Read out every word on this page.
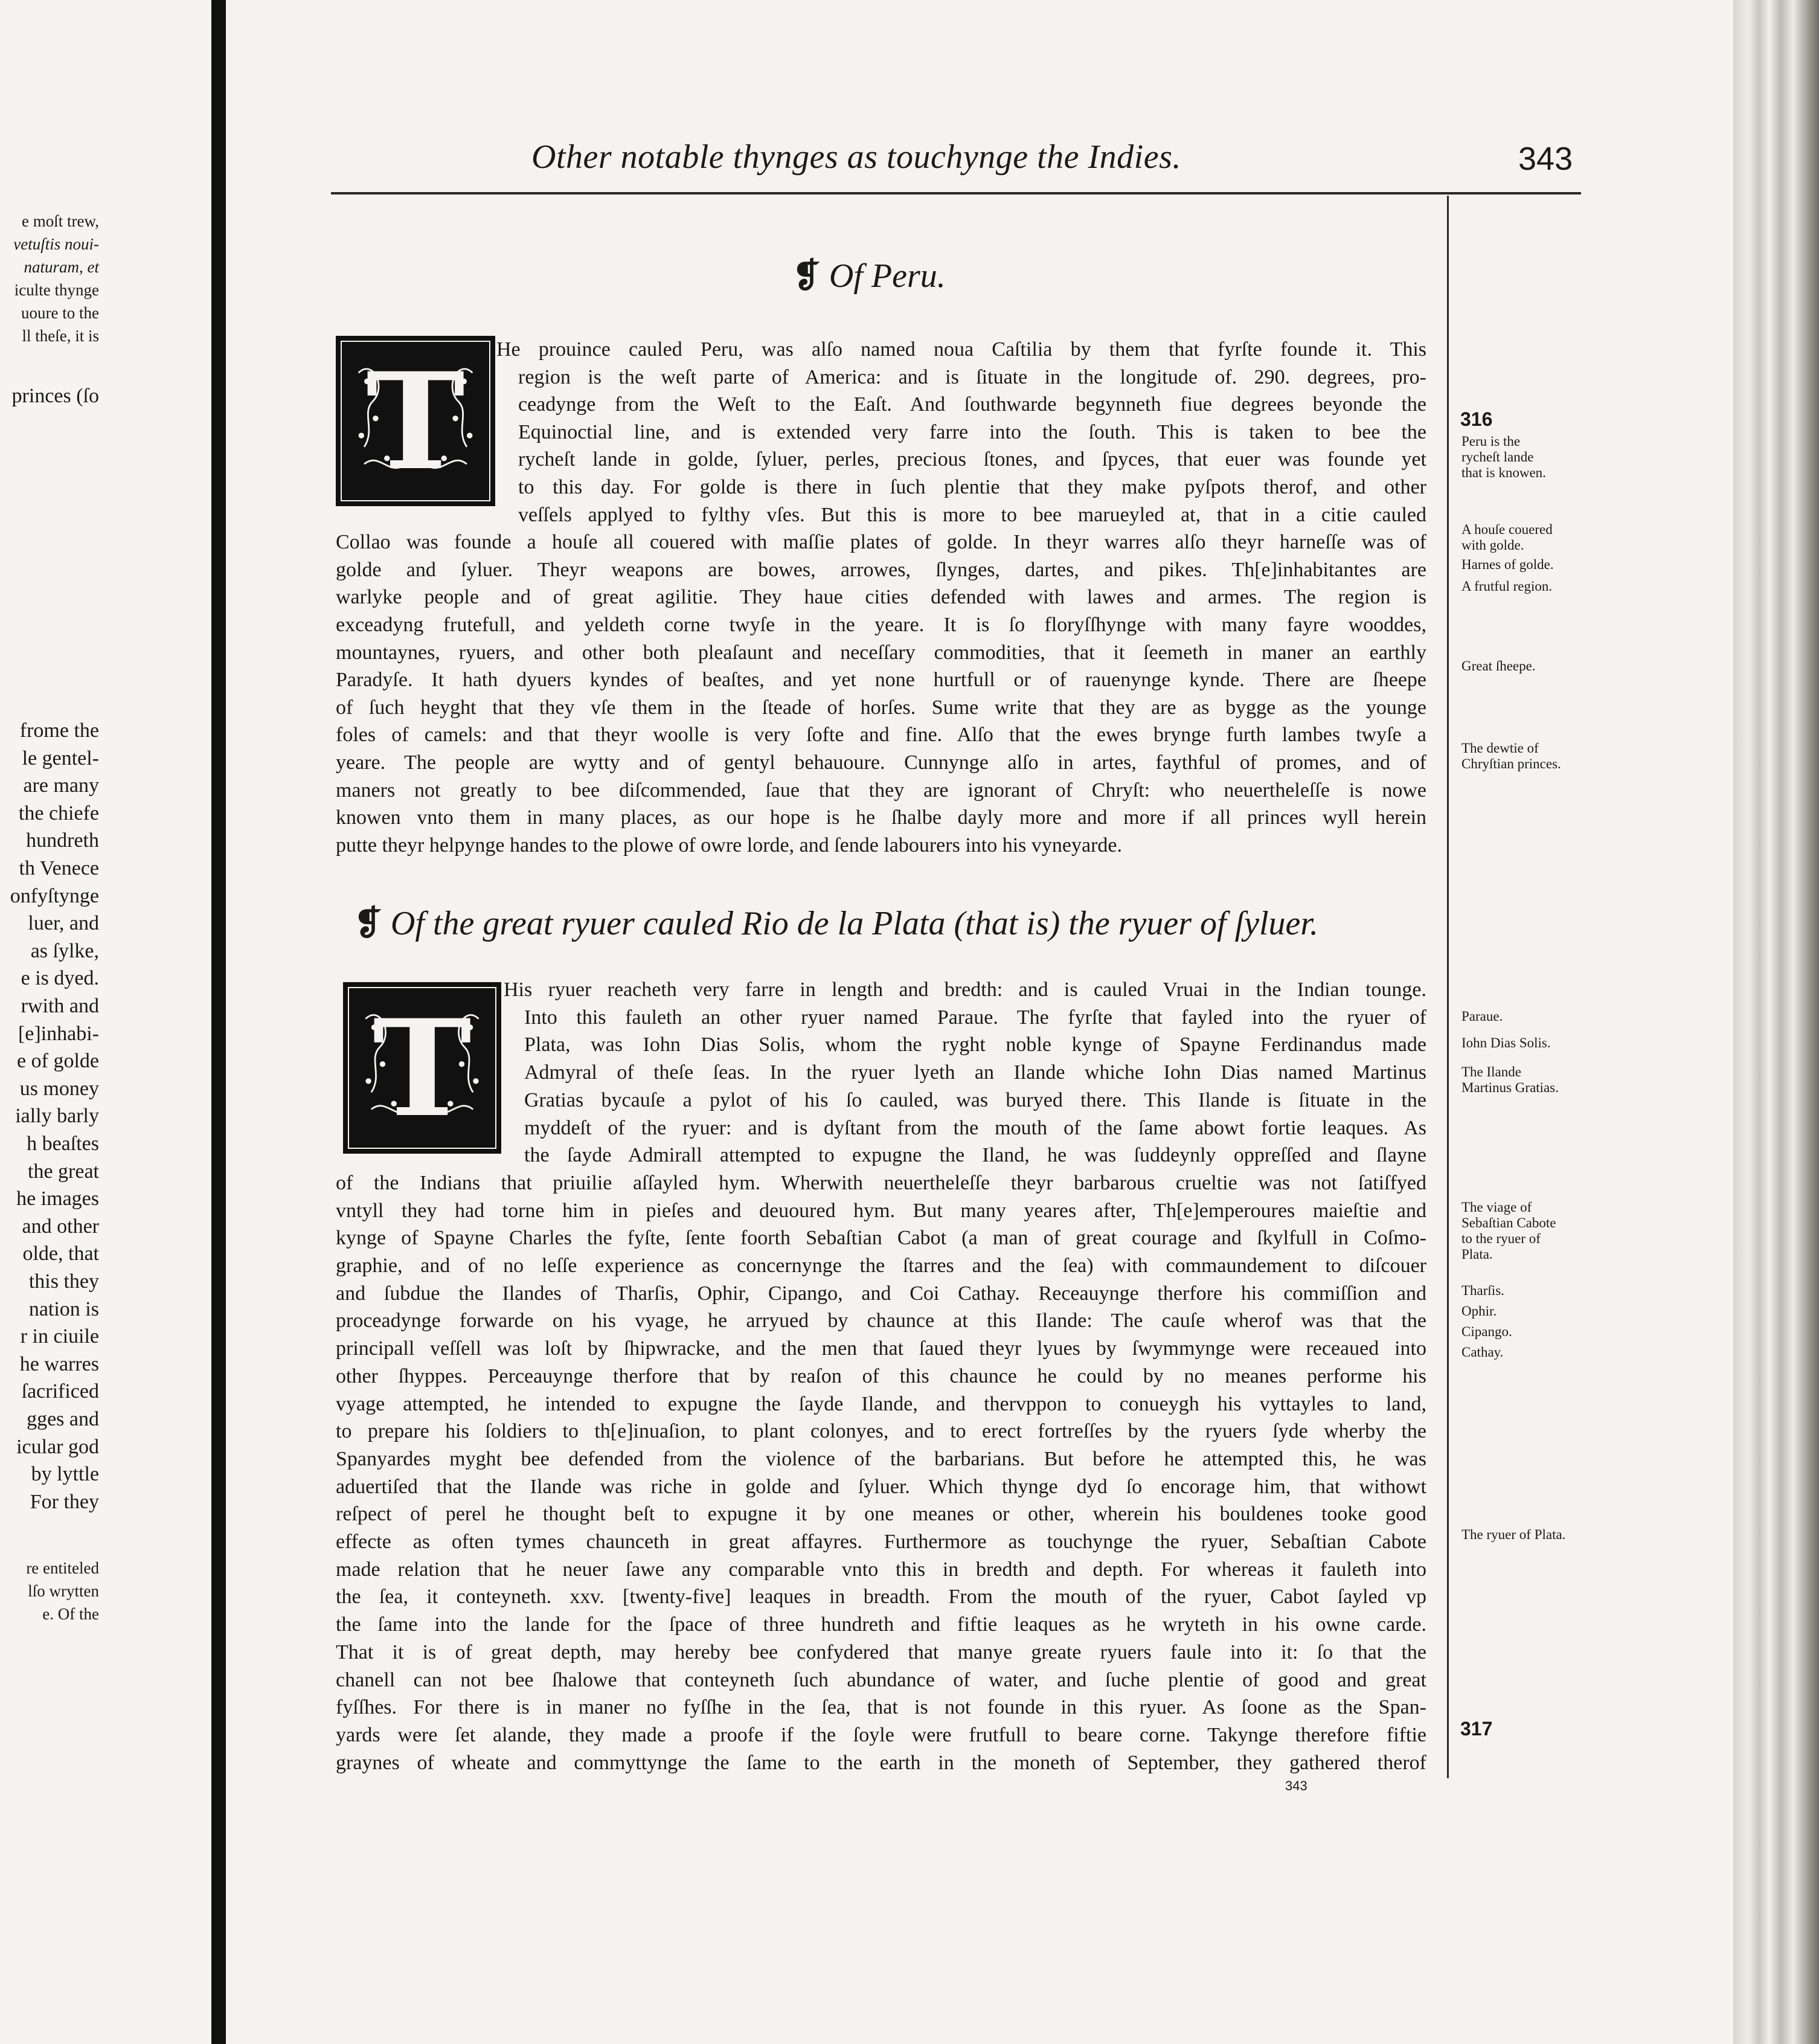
e moſt trew,
vetuſtis noui-
naturam, et
iculte thynge
uoure to the
ll theſe, it is
princes (ſo
re entiteled
lſo wrytten
e. Of the
frome the
le gentel-
are many
the chiefe
hundreth
th Venece
onfyſtynge
luer, and
as ſylke,
e is dyed.
rwith and
[e]inhabi-
e of golde
us money
ially barly
h beaſtes
the great
he images
and other
olde, that
this they
nation is
r in ciuile
he warres
ſacrificed
gges and
icular god
by lyttle
For they
Other notable thynges as touchynge the Indies.	343
❡ Of Peru.
T He prouince cauled Peru, was alſo named noua Caſtilia by them that fyrſte founde it. This
region is the weſt parte of America: and is ſituate in the longitude of. 290. degrees, pro-
ceadynge from the Weſt to the Eaſt. And ſouthwarde begynneth fiue degrees beyonde the
Equinoctial line, and is extended very farre into the ſouth. This is taken to bee the
rycheſt lande in golde, ſyluer, perles, precious ſtones, and ſpyces, that euer was founde yet
to this day. For golde is there in ſuch plentie that they make pyſpots therof, and other
veſſels applyed to fylthy vſes. But this is more to bee marueyled at, that in a citie cauled
Collao was founde a houſe all couered with maſſie plates of golde. In theyr warres alſo theyr harneſſe was of
golde and ſyluer. Theyr weapons are bowes, arrowes, ſlynges, dartes, and pikes. Th[e]inhabitantes are
warlyke people and of great agilitie. They haue cities defended with lawes and armes. The region is
exceadyng frutefull, and yeldeth corne twyſe in the yeare. It is ſo floryſſhynge with many fayre wooddes,
mountaynes, ryuers, and other both pleaſaunt and neceſſary commodities, that it ſeemeth in maner an earthly
Paradyſe. It hath dyuers kyndes of beaſtes, and yet none hurtfull or of rauenynge kynde. There are ſheepe
of ſuch heyght that they vſe them in the ſteade of horſes. Sume write that they are as bygge as the younge
foles of camels: and that theyr woolle is very ſofte and fine. Alſo that the ewes brynge furth lambes twyſe a
yeare. The people are wytty and of gentyl behauoure. Cunnynge alſo in artes, faythful of promes, and of
maners not greatly to bee diſcommended, ſaue that they are ignorant of Chryſt: who neuertheleſſe is nowe
knowen vnto them in many places, as our hope is he ſhalbe dayly more and more if all princes wyll herein
putte theyr helpynge handes to the plowe of owre lorde, and ſende labourers into his vyneyarde.
❡ Of the great ryuer cauled Rio de la Plata (that is) the ryuer of ſyluer.
T His ryuer reacheth very farre in length and bredth: and is cauled Vruai in the Indian tounge.
Into this fauleth an other ryuer named Paraue. The fyrſte that fayled into the ryuer of
Plata, was Iohn Dias Solis, whom the ryght noble kynge of Spayne Ferdinandus made
Admyral of theſe ſeas. In the ryuer lyeth an Ilande whiche Iohn Dias named Martinus
Gratias bycauſe a pylot of his ſo cauled, was buryed there. This Ilande is ſituate in the
myddeſt of the ryuer: and is dyſtant from the mouth of the ſame abowt fortie leaques. As
the ſayde Admirall attempted to expugne the Iland, he was ſuddeynly oppreſſed and ſlayne
of the Indians that priuilie aſſayled hym. Wherwith neuertheleſſe theyr barbarous crueltie was not ſatiſfyed
vntyll they had torne him in pieſes and deuoured hym. But many yeares after, Th[e]emperoures maieſtie and
kynge of Spayne Charles the fyſte, ſente foorth Sebaſtian Cabot (a man of great courage and ſkylfull in Coſmo-
graphie, and of no leſſe experience as concernynge the ſtarres and the ſea) with commaundement to diſcouer
and ſubdue the Ilandes of Tharſis, Ophir, Cipango, and Coi Cathay. Receauynge therfore his commiſſion and
proceadynge forwarde on his vyage, he arryued by chaunce at this Ilande: The cauſe wherof was that the
principall veſſell was loſt by ſhipwracke, and the men that ſaued theyr lyues by ſwymmynge were receaued into
other ſhyppes. Perceauynge therfore that by reaſon of this chaunce he could by no meanes performe his
vyage attempted, he intended to expugne the ſayde Ilande, and thervppon to conueygh his vyttayles to land,
to prepare his ſoldiers to th[e]inuaſion, to plant colonyes, and to erect fortreſſes by the ryuers ſyde wherby the
Spanyardes myght bee defended from the violence of the barbarians. But before he attempted this, he was
aduertiſed that the Ilande was riche in golde and ſyluer. Which thynge dyd ſo encorage him, that withowt
reſpect of perel he thought beſt to expugne it by one meanes or other, wherein his bouldenes tooke good
effecte as often tymes chaunceth in great affayres. Furthermore as touchynge the ryuer, Sebaſtian Cabote
made relation that he neuer ſawe any comparable vnto this in bredth and depth. For whereas it fauleth into
the ſea, it conteyneth. xxv. [twenty-five] leaques in breadth. From the mouth of the ryuer, Cabot ſayled vp
the ſame into the lande for the ſpace of three hundreth and fiftie leaques as he wryteth in his owne carde.
That it is of great depth, may hereby bee confydered that manye greate ryuers faule into it: ſo that the
chanell can not bee ſhalowe that conteyneth ſuch abundance of water, and ſuche plentie of good and great
fyſſhes. For there is in maner no fyſſhe in the ſea, that is not founde in this ryuer. As ſoone as the Span-
yards were ſet alande, they made a proofe if the ſoyle were frutfull to beare corne. Takynge therefore fiftie
graynes of wheate and commyttynge the ſame to the earth in the moneth of September, they gathered therof
316
Peru is the
rycheſt lande
that is knowen.
A houſe couered
with golde.
Harnes of golde.
A frutful region.
Great ſheepe.
The dewtie of
Chryſtian princes.
Paraue.
Iohn Dias Solis.
The Ilande
Martinus Gratias.
The viage of
Sebaſtian Cabote
to the ryuer of
Plata.
Tharſis.
Ophir.
Cipango.
Cathay.
The ryuer of Plata.
317
343
